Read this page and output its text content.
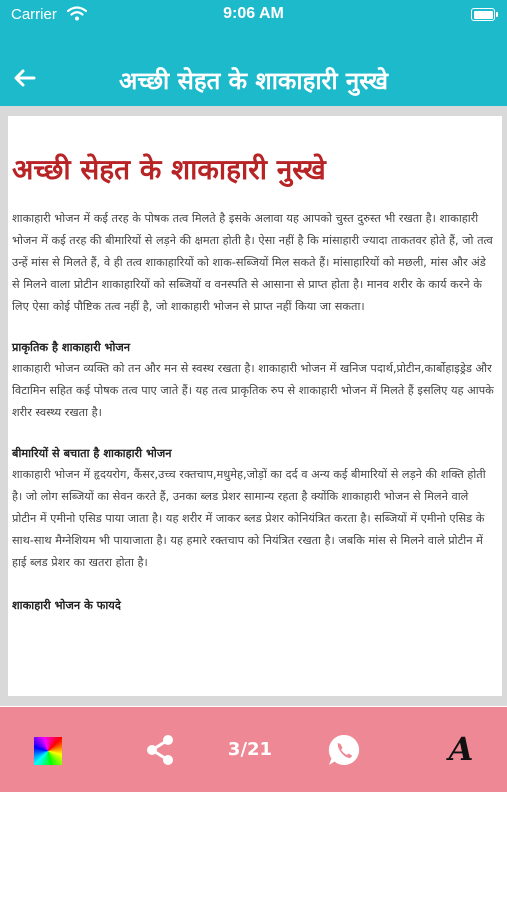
Carrier	9:06 AM
अच्छी सेहत के शाकाहारी नुस्खे
अच्छी सेहत के शाकाहारी नुस्खे
शाकाहारी भोजन में कई तरह के पोषक तत्व मिलते है इसके अलावा यह आपको चुस्त दुरुस्त भी रखता है। शाकाहारी भोजन में कई तरह की बीमारियों से लड़ने की क्षमता होती है। ऐसा नहीं है कि मांसाहारी ज्यादा ताकतवर होते हैं, जो तत्व उन्हें मांस से मिलते हैं, वे ही तत्व शाकाहारियों को शाक-सब्जियों मिल सकते हैं। मांसाहारियों को मछली, मांस और अंडे से मिलने वाला प्रोटीन शाकाहारियों को सब्जियों व वनस्पति से आसाना से प्राप्त होता है। मानव शरीर के कार्य करने के लिए ऐसा कोई पौष्टिक तत्व नहीं है, जो शाकाहारी भोजन से प्राप्त नहीं किया जा सकता।
प्राकृतिक है शाकाहारी भोजन
शाकाहारी भोजन व्यक्ति को तन और मन से स्वस्थ रखता है। शाकाहारी भोजन में खनिज पदार्थ,प्रोटीन,कार्बोहाइड्रेड और विटामिन सहित कई पोषक तत्व पाए जाते हैं। यह तत्व प्राकृतिक रुप से शाकाहारी भोजन में मिलते हैं इसलिए यह आपके शरीर स्वस्थ्य रखता है।
बीमारियों से बचाता है शाकाहारी भोजन
शाकाहारी भोजन में हृदयरोग, कैंसर,उच्च रक्तचाप,मधुमेह,जोड़ों का दर्द व अन्य कई बीमारियों से लड़ने की शक्ति होती है। जो लोग सब्जियों का सेवन करते हैं, उनका ब्लड प्रेशर सामान्य रहता है क्योंकि शाकाहारी भोजन से मिलने वाले प्रोटीन में एमीनो एसिड पाया जाता है। यह शरीर में जाकर ब्लड प्रेशर कोनियंत्रित करता है। सब्जियों में एमीनो एसिड के साथ-साथ मैग्नेशियम भी पायाजाता है। यह हमारे रक्तचाप को नियंत्रित रखता है। जबकि मांस से मिलने वाले प्रोटीन में हाई ब्लड प्रेशर का खतरा होता है।
शाकाहारी भोजन के फायदे
3/21	A
